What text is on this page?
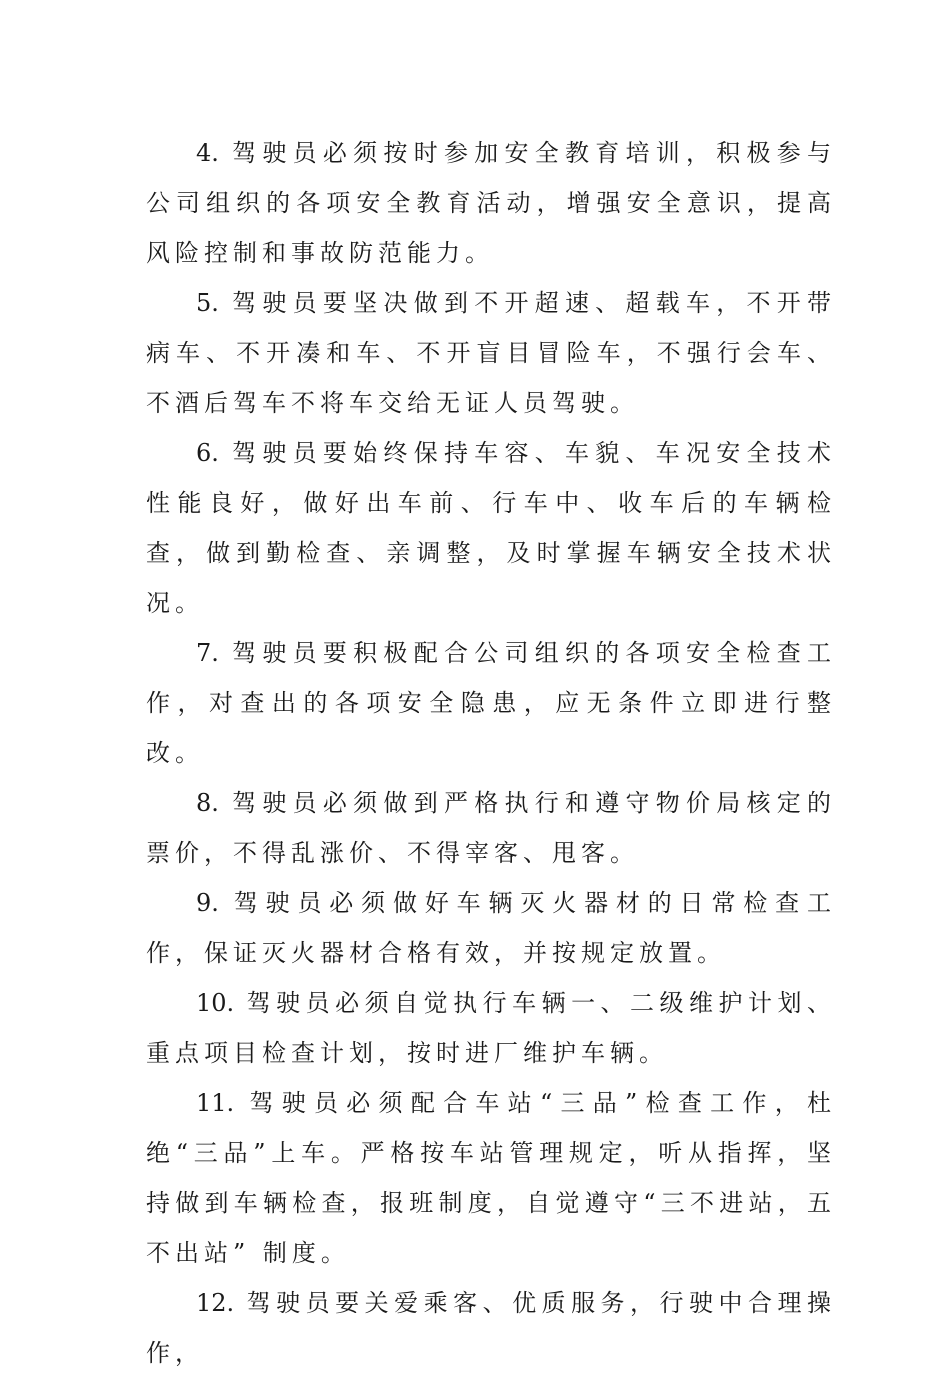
4. 驾驶员必须按时参加安全教育培训，积极参与公司组织的各项安全教育活动，增强安全意识，提高风险控制和事故防范能力。

5. 驾驶员要坚决做到不开超速、超载车，不开带病车、不开凑和车、不开盲目冒险车，不强行会车、不酒后驾车不将车交给无证人员驾驶。

6. 驾驶员要始终保持车容、车貌、车况安全技术性能良好，做好出车前、行车中、收车后的车辆检查，做到勤检查、亲调整，及时掌握车辆安全技术状况。

7. 驾驶员要积极配合公司组织的各项安全检查工作，对查出的各项安全隐患，应无条件立即进行整改。

8. 驾驶员必须做到严格执行和遵守物价局核定的票价，不得乱涨价、不得宰客、甩客。

9. 驾驶员必须做好车辆灭火器材的日常检查工作，保证灭火器材合格有效，并按规定放置。

10. 驾驶员必须自觉执行车辆一、二级维护计划、重点项目检查计划，按时进厂维护车辆。

11. 驾驶员必须配合车站“三品”检查工作，杜绝“三品”上车。严格按车站管理规定，听从指挥，坚持做到车辆检查，报班制度，自觉遵守“三不进站，五不出站” 制度。

12. 驾驶员要关爱乘客、优质服务，行驶中合理操作，
